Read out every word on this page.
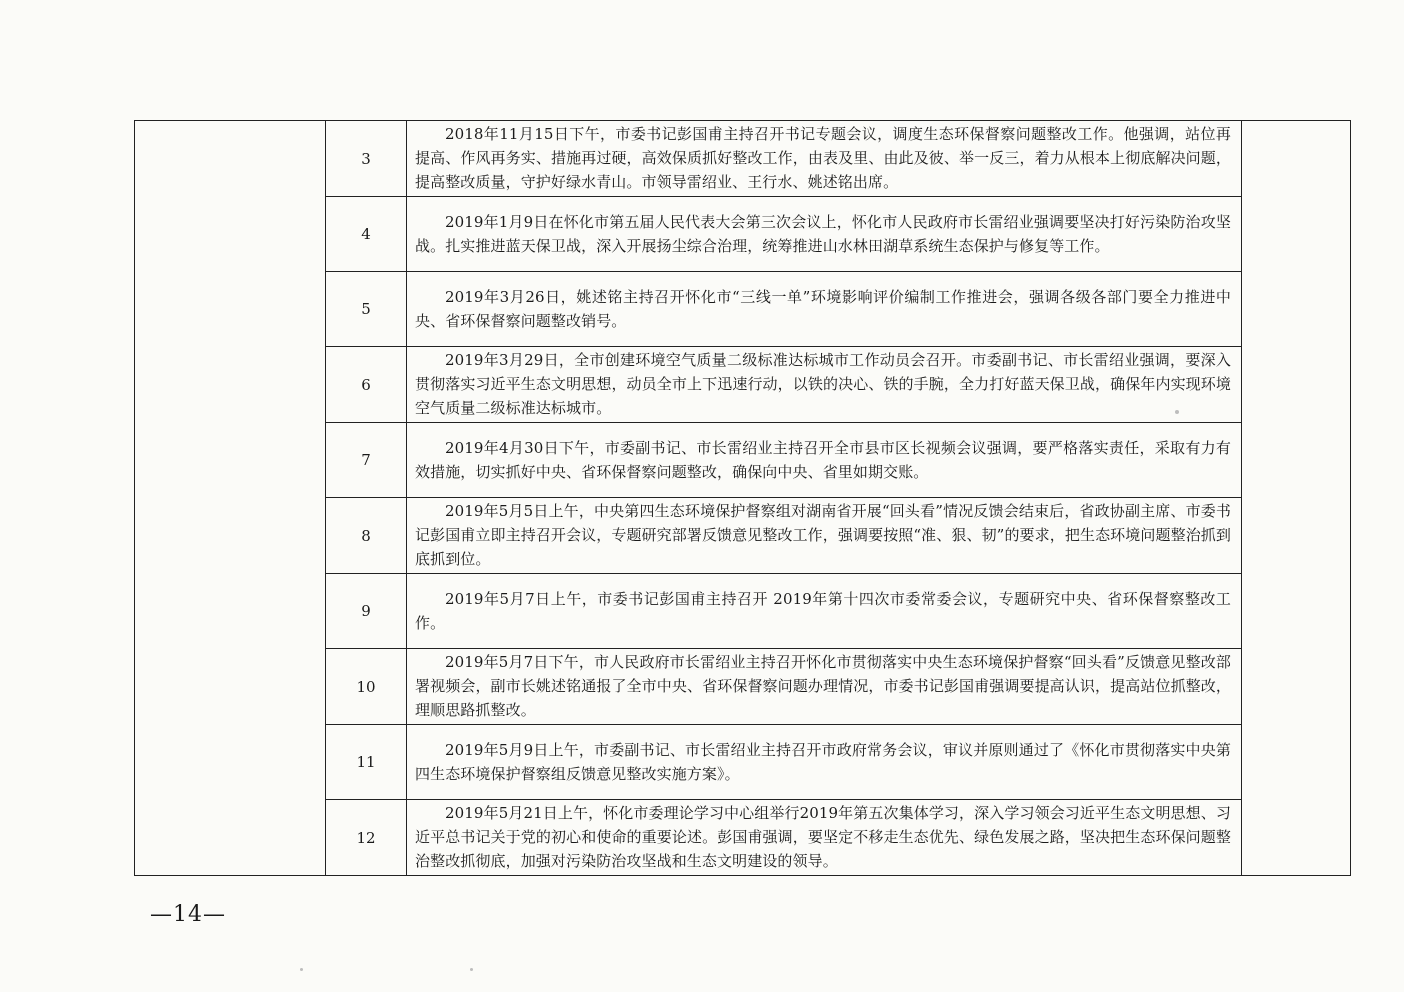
	3	2018年11月15日下午，市委书记彭国甫主持召开书记专题会议，调度生态环保督察问题整改工作。他强调，站位再提高、作风再务实、措施再过硬，高效保质抓好整改工作，由表及里、由此及彼、举一反三，着力从根本上彻底解决问题，提高整改质量，守护好绿水青山。市领导雷绍业、王行水、姚述铭出席。	
	4	2019年1月9日在怀化市第五届人民代表大会第三次会议上，怀化市人民政府市长雷绍业强调要坚决打好污染防治攻坚战。扎实推进蓝天保卫战，深入开展扬尘综合治理，统筹推进山水林田湖草系统生态保护与修复等工作。	
	5	2019年3月26日，姚述铭主持召开怀化市“三线一单”环境影响评价编制工作推进会，强调各级各部门要全力推进中央、省环保督察问题整改销号。	
	6	2019年3月29日，全市创建环境空气质量二级标准达标城市工作动员会召开。市委副书记、市长雷绍业强调，要深入贯彻落实习近平生态文明思想，动员全市上下迅速行动，以铁的决心、铁的手腕，全力打好蓝天保卫战，确保年内实现环境空气质量二级标准达标城市。	
	7	2019年4月30日下午，市委副书记、市长雷绍业主持召开全市县市区长视频会议强调，要严格落实责任，采取有力有效措施，切实抓好中央、省环保督察问题整改，确保向中央、省里如期交账。	
	8	2019年5月5日上午，中央第四生态环境保护督察组对湖南省开展“回头看”情况反馈会结束后，省政协副主席、市委书记彭国甫立即主持召开会议，专题研究部署反馈意见整改工作，强调要按照“准、狠、韧”的要求，把生态环境问题整治抓到底抓到位。	
	9	2019年5月7日上午，市委书记彭国甫主持召开 2019年第十四次市委常委会议，专题研究中央、省环保督察整改工作。	
	10	2019年5月7日下午，市人民政府市长雷绍业主持召开怀化市贯彻落实中央生态环境保护督察“回头看”反馈意见整改部署视频会，副市长姚述铭通报了全市中央、省环保督察问题办理情况，市委书记彭国甫强调要提高认识，提高站位抓整改，理顺思路抓整改。	
	11	2019年5月9日上午，市委副书记、市长雷绍业主持召开市政府常务会议，审议并原则通过了《怀化市贯彻落实中央第四生态环境保护督察组反馈意见整改实施方案》。	
	12	2019年5月21日上午，怀化市委理论学习中心组举行2019年第五次集体学习，深入学习领会习近平生态文明思想、习近平总书记关于党的初心和使命的重要论述。彭国甫强调，要坚定不移走生态优先、绿色发展之路，坚决把生态环保问题整治整改抓彻底，加强对污染防治攻坚战和生态文明建设的领导。	
—14—
